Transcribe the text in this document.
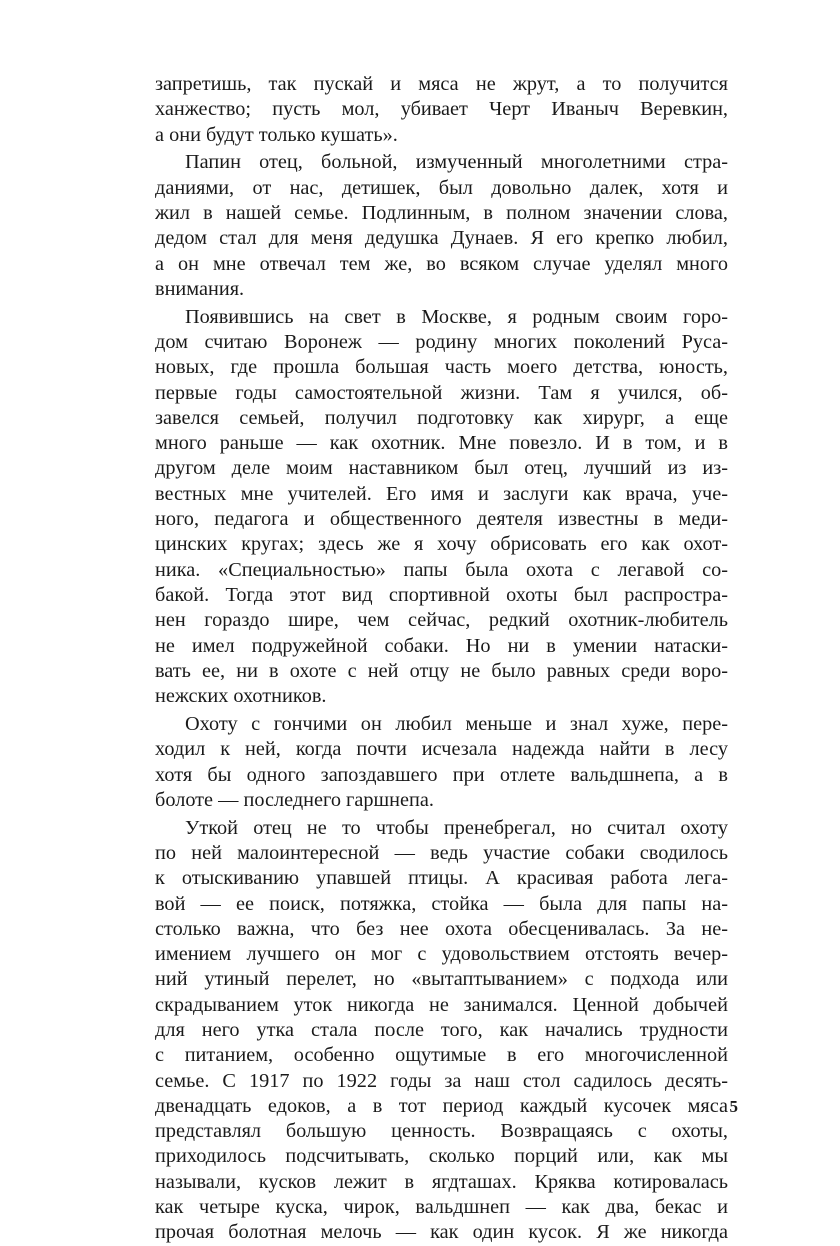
запретишь, так пускай и мяса не жрут, а то получится
ханжество; пусть мол, убивает Черт Иваныч Веревкин,
а они будут только кушать».
Папин отец, больной, измученный многолетними стра-
даниями, от нас, детишек, был довольно далек, хотя и
жил в нашей семье. Подлинным, в полном значении слова,
дедом стал для меня дедушка Дунаев. Я его крепко любил,
а он мне отвечал тем же, во всяком случае уделял много
внимания.
Появившись на свет в Москве, я родным своим горо-
дом считаю Воронеж — родину многих поколений Руса-
новых, где прошла большая часть моего детства, юность,
первые годы самостоятельной жизни. Там я учился, об-
завелся семьей, получил подготовку как хирург, а еще
много раньше — как охотник. Мне повезло. И в том, и в
другом деле моим наставником был отец, лучший из из-
вестных мне учителей. Его имя и заслуги как врача, уче-
ного, педагога и общественного деятеля известны в меди-
цинских кругах; здесь же я хочу обрисовать его как охот-
ника. «Специальностью» папы была охота с легавой со-
бакой. Тогда этот вид спортивной охоты был распростра-
нен гораздо шире, чем сейчас, редкий охотник-любитель
не имел подружейной собаки. Но ни в умении натаски-
вать ее, ни в охоте с ней отцу не было равных среди воро-
нежских охотников.
Охоту с гончими он любил меньше и знал хуже, пере-
ходил к ней, когда почти исчезала надежда найти в лесу
хотя бы одного запоздавшего при отлете вальдшнепа, а в
болоте — последнего гаршнепа.
Уткой отец не то чтобы пренебрегал, но считал охоту
по ней малоинтересной — ведь участие собаки сводилось
к отыскиванию упавшей птицы. А красивая работа лега-
вой — ее поиск, потяжка, стойка — была для папы на-
столько важна, что без нее охота обесценивалась. За не-
имением лучшего он мог с удовольствием отстоять вечер-
ний утиный перелет, но «вытаптыванием» с подхода или
скрадыванием уток никогда не занимался. Ценной добычей
для него утка стала после того, как начались трудности
с питанием, особенно ощутимые в его многочисленной
семье. С 1917 по 1922 годы за наш стол садилось десять-
двенадцать едоков, а в тот период каждый кусочек мяса
представлял большую ценность. Возвращаясь с охоты,
приходилось подсчитывать, сколько порций или, как мы
называли, кусков лежит в ягдташах. Кряква котировалась
как четыре куска, чирок, вальдшнеп — как два, бекас и
прочая болотная мелочь — как один кусок. Я же никогда
5
